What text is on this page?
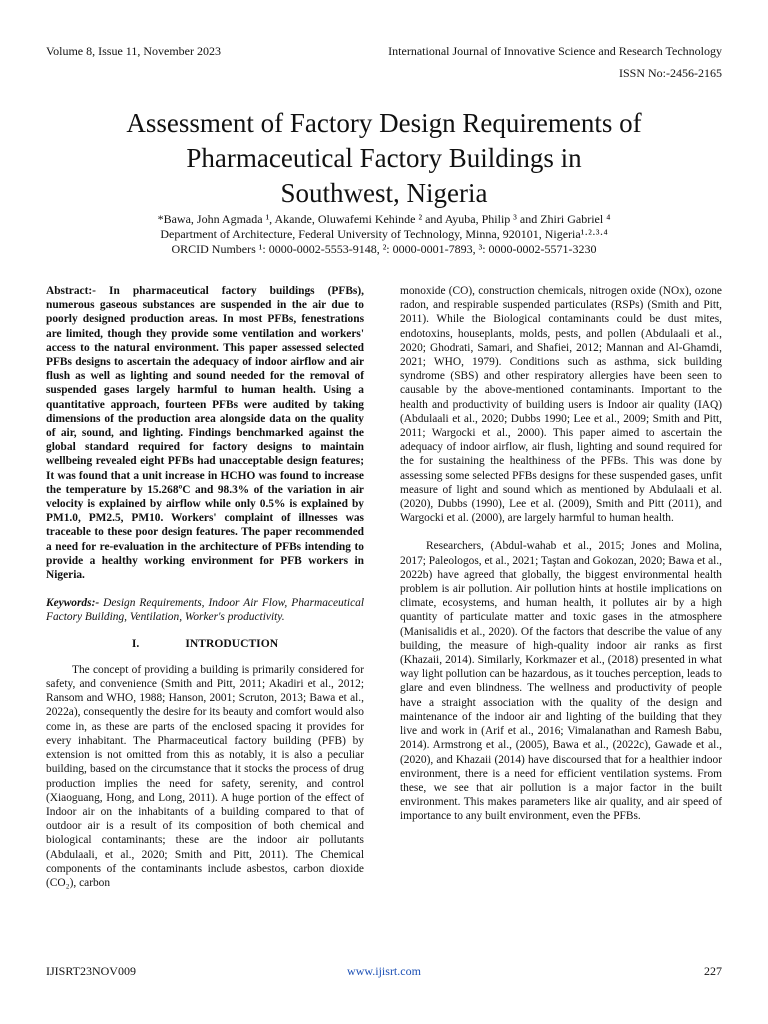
Volume 8, Issue 11, November 2023	International Journal of Innovative Science and Research Technology
ISSN No:-2456-2165
Assessment of Factory Design Requirements of
Pharmaceutical Factory Buildings in
Southwest, Nigeria
*Bawa, John Agmada ¹, Akande, Oluwafemi Kehinde ² and Ayuba, Philip ³ and Zhiri Gabriel ⁴
Department of Architecture, Federal University of Technology, Minna, 920101, Nigeria¹·²·³·⁴
ORCID Numbers ¹: 0000-0002-5553-9148, ²: 0000-0001-7893, ³: 0000-0002-5571-3230

Abstract:- In pharmaceutical factory buildings (PFBs), numerous gaseous substances are suspended in the air due to poorly designed production areas. In most PFBs, fenestrations are limited, though they provide some ventilation and workers' access to the natural environment. This paper assessed selected PFBs designs to ascertain the adequacy of indoor airflow and air flush as well as lighting and sound needed for the removal of suspended gases largely harmful to human health. Using a quantitative approach, fourteen PFBs were audited by taking dimensions of the production area alongside data on the quality of air, sound, and lighting. Findings benchmarked against the global standard required for factory designs to maintain wellbeing revealed eight PFBs had unacceptable design features; It was found that a unit increase in HCHO was found to increase the temperature by 15.268ºC and 98.3% of the variation in air velocity is explained by airflow while only 0.5% is explained by PM1.0, PM2.5, PM10. Workers' complaint of illnesses was traceable to these poor design features. The paper recommended a need for re-evaluation in the architecture of PFBs intending to provide a healthy working environment for PFB workers in Nigeria.

Keywords:- Design Requirements, Indoor Air Flow, Pharmaceutical Factory Building, Ventilation, Worker's productivity.

I.	INTRODUCTION

The concept of providing a building is primarily considered for safety, and convenience (Smith and Pitt, 2011; Akadiri et al., 2012; Ransom and WHO, 1988; Hanson, 2001; Scruton, 2013; Bawa et al., 2022a), consequently the desire for its beauty and comfort would also come in, as these are parts of the enclosed spacing it provides for every inhabitant. The Pharmaceutical factory building (PFB) by extension is not omitted from this as notably, it is also a peculiar building, based on the circumstance that it stocks the process of drug production implies the need for safety, serenity, and control (Xiaoguang, Hong, and Long, 2011). A huge portion of the effect of Indoor air on the inhabitants of a building compared to that of outdoor air is a result of its composition of both chemical and biological contaminants; these are the indoor air pollutants (Abdulaali, et al., 2020; Smith and Pitt, 2011). The Chemical components of the contaminants include asbestos, carbon dioxide (CO₂), carbon

monoxide (CO), construction chemicals, nitrogen oxide (NOx), ozone radon, and respirable suspended particulates (RSPs) (Smith and Pitt, 2011). While the Biological contaminants could be dust mites, endotoxins, houseplants, molds, pests, and pollen (Abdulaali et al., 2020; Ghodrati, Samari, and Shafiei, 2012; Mannan and Al-Ghamdi, 2021; WHO, 1979). Conditions such as asthma, sick building syndrome (SBS) and other respiratory allergies have been seen to causable by the above-mentioned contaminants. Important to the health and productivity of building users is Indoor air quality (IAQ) (Abdulaali et al., 2020; Dubbs 1990; Lee et al., 2009; Smith and Pitt, 2011; Wargocki et al., 2000). This paper aimed to ascertain the adequacy of indoor airflow, air flush, lighting and sound required for the for sustaining the healthiness of the PFBs. This was done by assessing some selected PFBs designs for these suspended gases, unfit measure of light and sound which as mentioned by Abdulaali et al. (2020), Dubbs (1990), Lee et al. (2009), Smith and Pitt (2011), and Wargocki et al. (2000), are largely harmful to human health.

Researchers, (Abdul-wahab et al., 2015; Jones and Molina, 2017; Paleologos, et al., 2021; Taştan and Gokozan, 2020; Bawa et al., 2022b) have agreed that globally, the biggest environmental health problem is air pollution. Air pollution hints at hostile implications on climate, ecosystems, and human health, it pollutes air by a high quantity of particulate matter and toxic gases in the atmosphere (Manisalidis et al., 2020). Of the factors that describe the value of any building, the measure of high-quality indoor air ranks as first (Khazaii, 2014). Similarly, Korkmazer et al., (2018) presented in what way light pollution can be hazardous, as it touches perception, leads to glare and even blindness. The wellness and productivity of people have a straight association with the quality of the design and maintenance of the indoor air and lighting of the building that they live and work in (Arif et al., 2016; Vimalanathan and Ramesh Babu, 2014). Armstrong et al., (2005), Bawa et al., (2022c), Gawade et al., (2020), and Khazaii (2014) have discoursed that for a healthier indoor environment, there is a need for efficient ventilation systems. From these, we see that air pollution is a major factor in the built environment. This makes parameters like air quality, and air speed of importance to any built environment, even the PFBs.

IJISRT23NOV009	www.ijisrt.com	227
